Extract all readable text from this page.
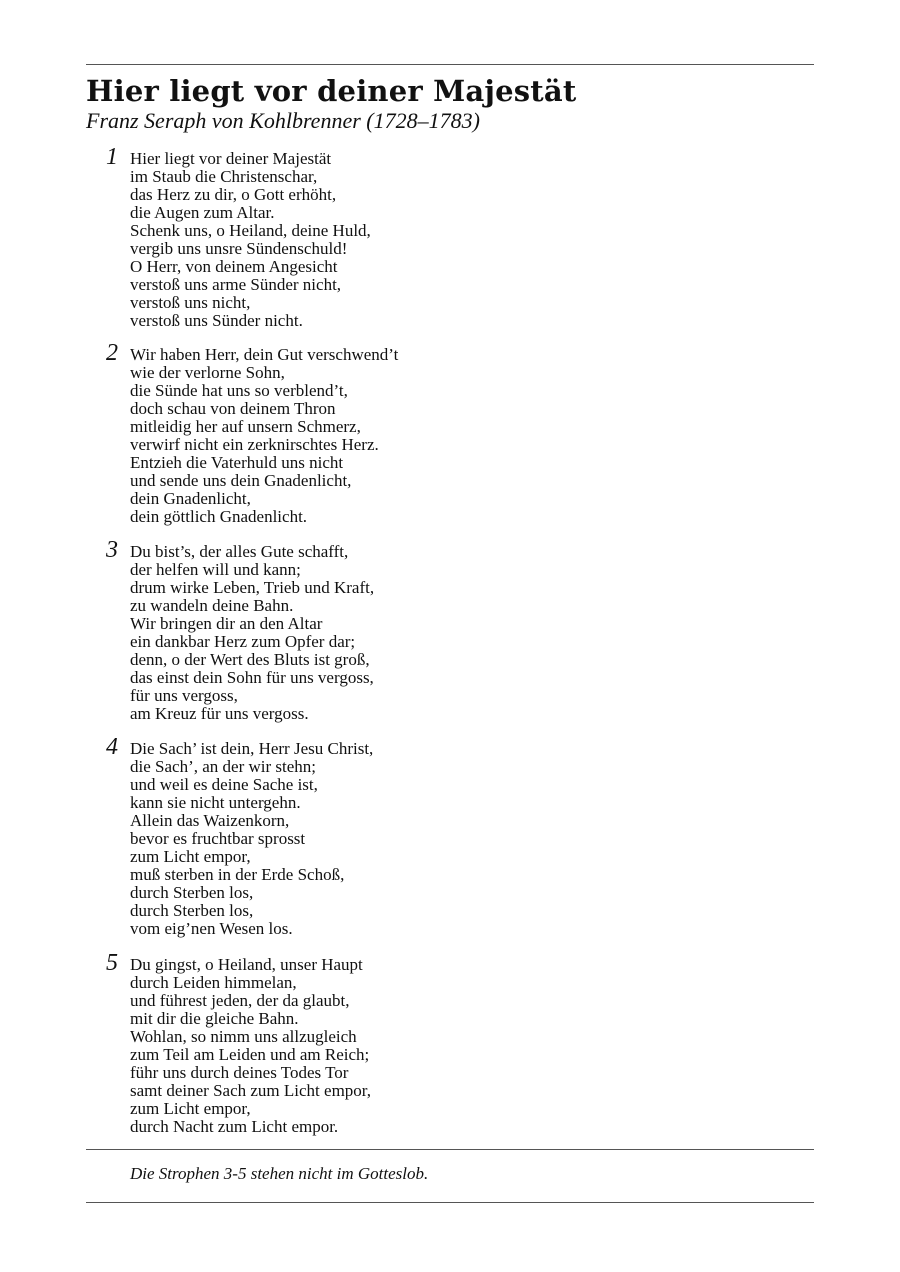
Hier liegt vor deiner Majestät

Franz Seraph von Kohlbrenner (1728–1783)

1 Hier liegt vor deiner Majestät
im Staub die Christenschar,
das Herz zu dir, o Gott erhöht,
die Augen zum Altar.
Schenk uns, o Heiland, deine Huld,
vergib uns unsre Sündenschuld!
O Herr, von deinem Angesicht
verstoß uns arme Sünder nicht,
verstoß uns nicht,
verstoß uns Sünder nicht.
2 Wir haben Herr, dein Gut verschwend’t
wie der verlorne Sohn,
die Sünde hat uns so verblend’t,
doch schau von deinem Thron
mitleidig her auf unsern Schmerz,
verwirf nicht ein zerknirschtes Herz.
Entzieh die Vaterhuld uns nicht
und sende uns dein Gnadenlicht,
dein Gnadenlicht,
dein göttlich Gnadenlicht.
3 Du bist’s, der alles Gute schafft,
der helfen will und kann;
drum wirke Leben, Trieb und Kraft,
zu wandeln deine Bahn.
Wir bringen dir an den Altar
ein dankbar Herz zum Opfer dar;
denn, o der Wert des Bluts ist groß,
das einst dein Sohn für uns vergoss,
für uns vergoss,
am Kreuz für uns vergoss.
4 Die Sach’ ist dein, Herr Jesu Christ,
die Sach’, an der wir stehn;
und weil es deine Sache ist,
kann sie nicht untergehn.
Allein das Waizenkorn,
bevor es fruchtbar sprosst
zum Licht empor,
muß sterben in der Erde Schoß,
durch Sterben los,
durch Sterben los,
vom eig’nen Wesen los.
5 Du gingst, o Heiland, unser Haupt
durch Leiden himmelan,
und führest jeden, der da glaubt,
mit dir die gleiche Bahn.
Wohlan, so nimm uns allzugleich
zum Teil am Leiden und am Reich;
führ uns durch deines Todes Tor
samt deiner Sach zum Licht empor,
zum Licht empor,
durch Nacht zum Licht empor.
Die Strophen 3-5 stehen nicht im Gotteslob.
